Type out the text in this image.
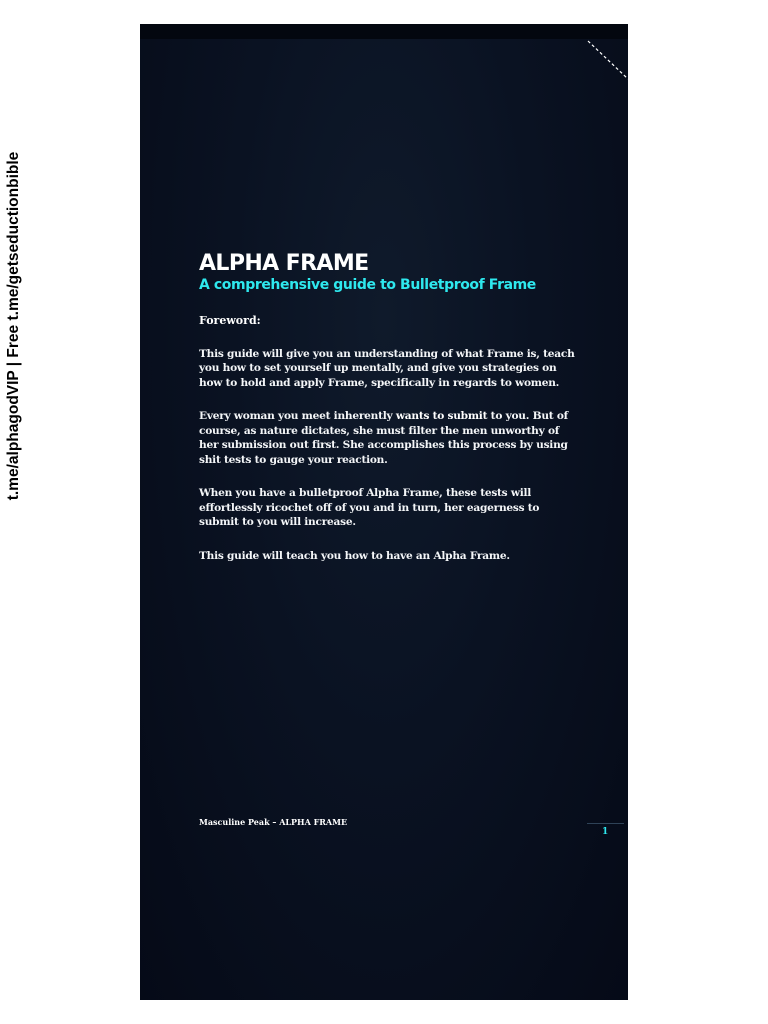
t.me/alphagodVIP | Free t.me/getseductionbible	ALPHA FRAME
A comprehensive guide to Bulletproof Frame

Foreword:

This guide will give you an understanding of what Frame is, teach you how to set yourself up mentally, and give you strategies on how to hold and apply Frame, specifically in regards to women.

Every woman you meet inherently wants to submit to you. But of course, as nature dictates, she must filter the men unworthy of her submission out first. She accomplishes this process by using shit tests to gauge your reaction.

When you have a bulletproof Alpha Frame, these tests will effortlessly ricochet off of you and in turn, her eagerness to submit to you will increase.

This guide will teach you how to have an Alpha Frame.

Masculine Peak – ALPHA FRAME
1
